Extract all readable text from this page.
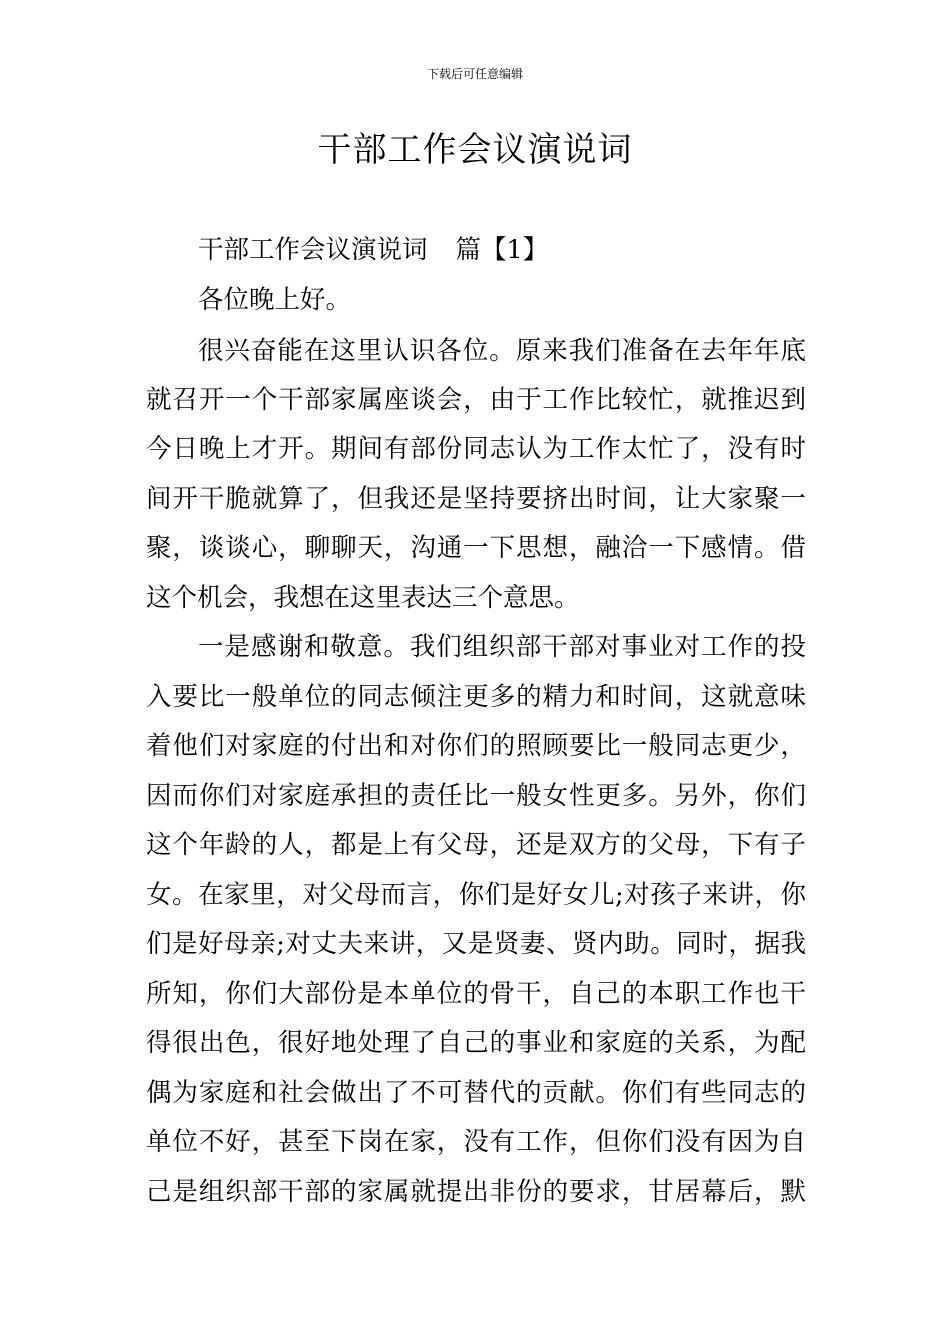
下载后可任意编辑
干部工作会议演说词
干部工作会议演说词 篇【1】
各位晚上好。
很兴奋能在这里认识各位。原来我们准备在去年年底
就召开一个干部家属座谈会，由于工作比较忙，就推迟到
今日晚上才开。期间有部份同志认为工作太忙了，没有时
间开干脆就算了，但我还是坚持要挤出时间，让大家聚一
聚，谈谈心，聊聊天，沟通一下思想，融洽一下感情。借
这个机会，我想在这里表达三个意思。
一是感谢和敬意。我们组织部干部对事业对工作的投
入要比一般单位的同志倾注更多的精力和时间，这就意味
着他们对家庭的付出和对你们的照顾要比一般同志更少，
因而你们对家庭承担的责任比一般女性更多。另外，你们
这个年龄的人，都是上有父母，还是双方的父母，下有子
女。在家里，对父母而言，你们是好女儿;对孩子来讲，你
们是好母亲;对丈夫来讲，又是贤妻、贤内助。同时，据我
所知，你们大部份是本单位的骨干，自己的本职工作也干
得很出色，很好地处理了自己的事业和家庭的关系，为配
偶为家庭和社会做出了不可替代的贡献。你们有些同志的
单位不好，甚至下岗在家，没有工作，但你们没有因为自
己是组织部干部的家属就提出非份的要求，甘居幕后，默
